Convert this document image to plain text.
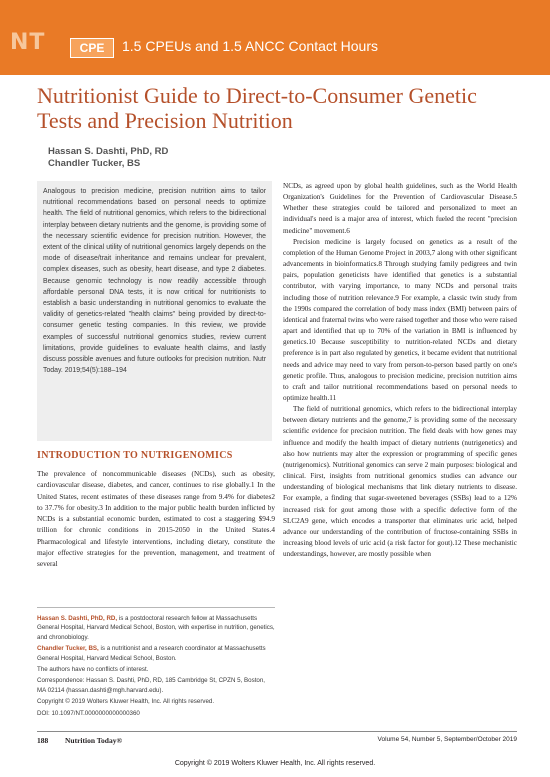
NT	CPE	1.5 CPEUs and 1.5 ANCC Contact Hours
Nutritionist Guide to Direct-to-Consumer Genetic Tests and Precision Nutrition
Hassan S. Dashti, PhD, RD
Chandler Tucker, BS
Analogous to precision medicine, precision nutrition aims to tailor nutritional recommendations based on personal needs to optimize health. The field of nutritional genomics, which refers to the bidirectional interplay between dietary nutrients and the genome, is providing some of the necessary scientific evidence for precision nutrition. However, the extent of the clinical utility of nutritional genomics largely depends on the mode of disease/trait inheritance and remains unclear for prevalent, complex diseases, such as obesity, heart disease, and type 2 diabetes. Because genomic technology is now readily accessible through affordable personal DNA tests, it is now critical for nutritionists to establish a basic understanding in nutritional genomics to evaluate the validity of genetics-related "health claims" being provided by direct-to-consumer genetic testing companies. In this review, we provide examples of successful nutritional genomics studies, review current limitations, provide guidelines to evaluate health claims, and lastly discuss possible avenues and future outlooks for precision nutrition. Nutr Today. 2019;54(5):188–194
INTRODUCTION TO NUTRIGENOMICS

The prevalence of noncommunicable diseases (NCDs), such as obesity, cardiovascular disease, diabetes, and cancer, continues to rise globally.1 In the United States, recent estimates of these diseases range from 9.4% for diabetes2 to 37.7% for obesity.3 In addition to the major public health burden inflicted by NCDs is a substantial economic burden, estimated to cost a staggering $94.9 trillion for chronic conditions in 2015-2050 in the United States.4 Pharmacological and lifestyle interventions, including dietary, constitute the major effective strategies for the prevention, management, and treatment of several

Hassan S. Dashti, PhD, RD, is a postdoctoral research fellow at Massachusetts General Hospital, Harvard Medical School, Boston, with expertise in nutrition, genetics, and chronobiology.

Chandler Tucker, BS, is a nutritionist and a research coordinator at Massachusetts General Hospital, Harvard Medical School, Boston.

The authors have no conflicts of interest.

Correspondence: Hassan S. Dashti, PhD, RD, 185 Cambridge St, CPZN 5, Boston, MA 02114 (hassan.dashti@mgh.harvard.edu).

Copyright © 2019 Wolters Kluwer Health, Inc. All rights reserved.

DOI: 10.1097/NT.0000000000000360

NCDs, as agreed upon by global health guidelines, such as the World Health Organization's Guidelines for the Prevention of Cardiovascular Disease.5 Whether these strategies could be tailored and personalized to meet an individual's need is a major area of interest, which fueled the recent "precision medicine" movement.6

Precision medicine is largely focused on genetics as a result of the completion of the Human Genome Project in 2003,7 along with other significant advancements in bioinformatics.8 Through studying family pedigrees and twin pairs, population geneticists have identified that genetics is a substantial contributor, with varying importance, to many NCDs and personal traits including those of nutrition relevance.9 For example, a classic twin study from the 1990s compared the correlation of body mass index (BMI) between pairs of identical and fraternal twins who were raised together and those who were raised apart and identified that up to 70% of the variation in BMI is influenced by genetics.10 Because susceptibility to nutrition-related NCDs and dietary preference is in part also regulated by genetics, it became evident that nutritional needs and advice may need to vary from person-to-person based partly on one's genetic profile. Thus, analogous to precision medicine, precision nutrition aims to craft and tailor nutritional recommendations based on personal needs to optimize health.11

The field of nutritional genomics, which refers to the bidirectional interplay between dietary nutrients and the genome,7 is providing some of the necessary scientific evidence for precision nutrition. The field deals with how genes may influence and modify the health impact of dietary nutrients (nutrigenetics) and also how nutrients may alter the expression or programming of specific genes (nutrigenomics). Nutritional genomics can serve 2 main purposes: biological and clinical. First, insights from nutritional genomics studies can advance our understanding of biological mechanisms that link dietary nutrients to disease. For example, a finding that sugar-sweetened beverages (SSBs) lead to a 12% increased risk for gout among those with a specific defective form of the SLC2A9 gene, which encodes a transporter that eliminates uric acid, helped advance our understanding of the contribution of fructose-containing SSBs in increasing blood levels of uric acid (a risk factor for gout).12 These mechanistic understandings, however, are mostly possible when

188 Nutrition Today®	Volume 54, Number 5, September/October 2019
Copyright © 2019 Wolters Kluwer Health, Inc. All rights reserved.
